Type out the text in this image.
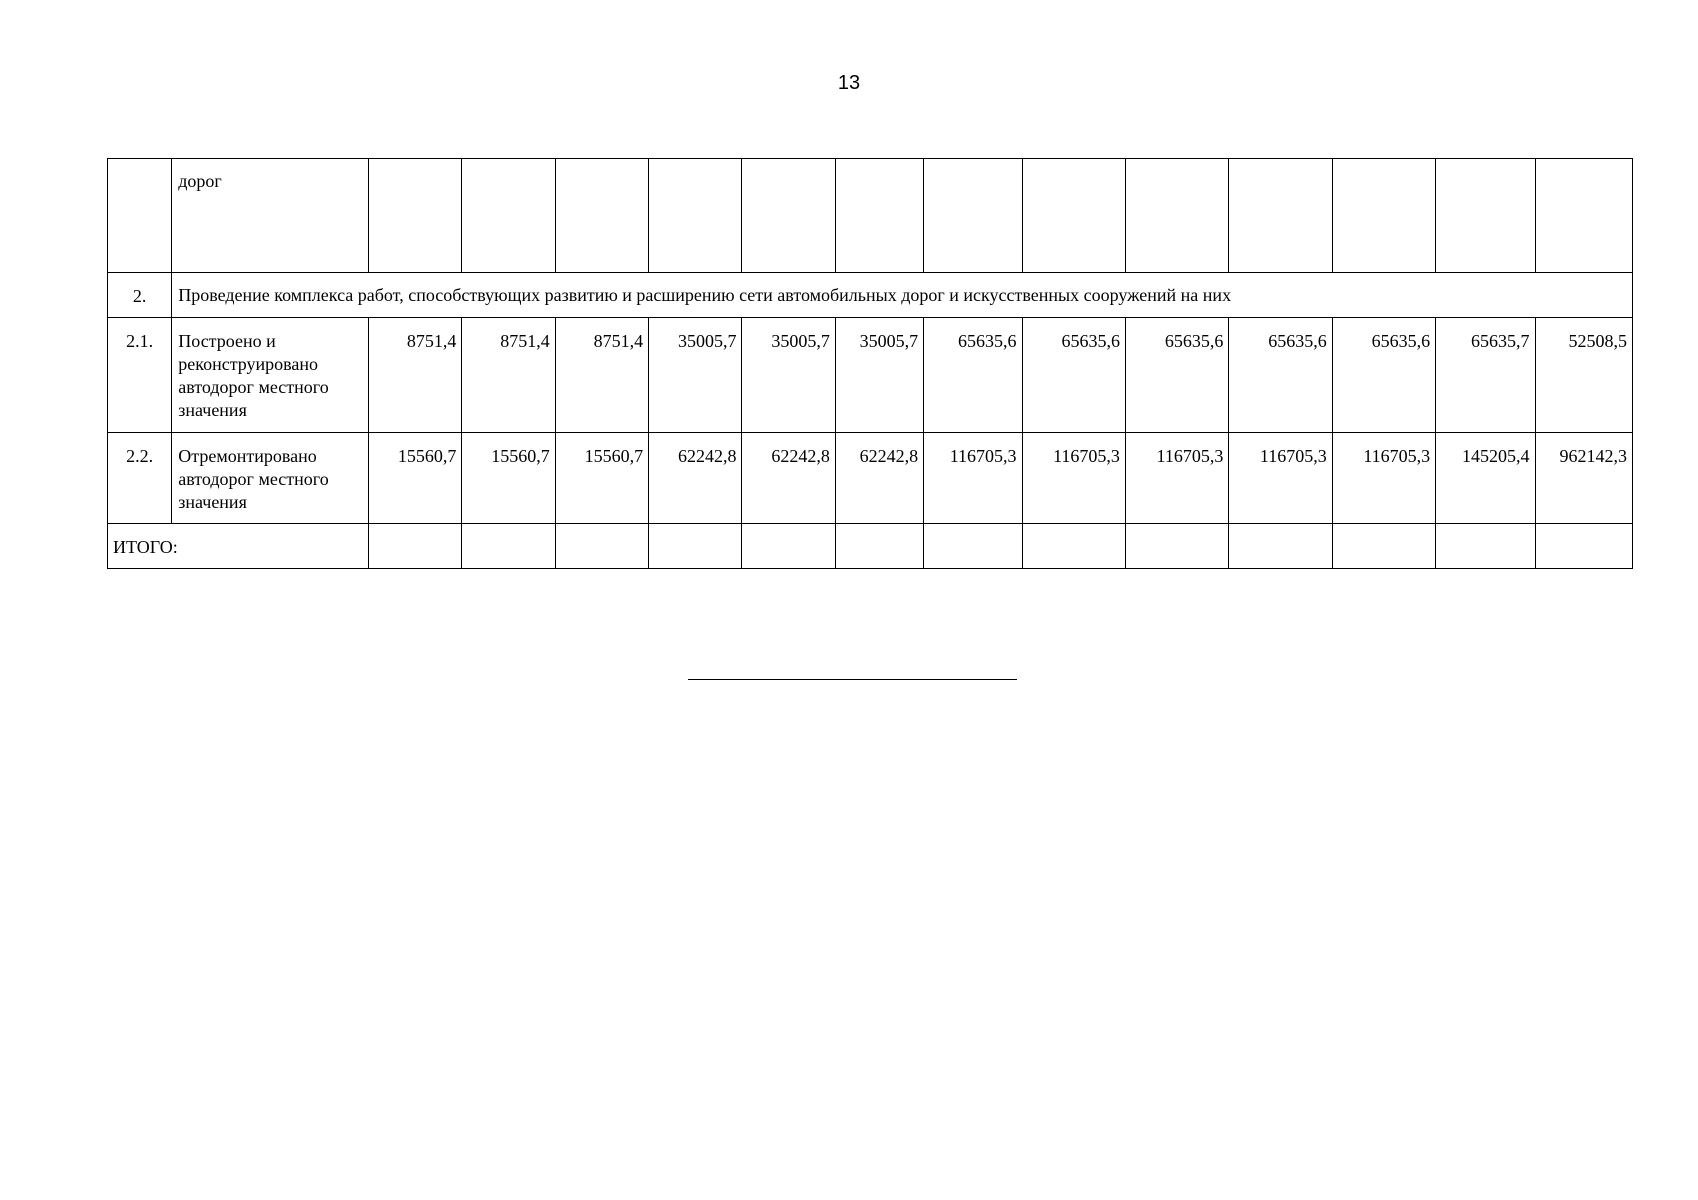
13
	дорог													
2.	Проведение комплекса работ, способствующих развитию и расширению сети автомобильных дорог и искусственных сооружений на них													
2.1.	Построено и реконструировано автодорог местного значения	8751,4	8751,4	8751,4	35005,7	35005,7	35005,7	65635,6	65635,6	65635,6	65635,6	65635,6	65635,7	52508,5
2.2.	Отремонтировано автодорог местного значения	15560,7	15560,7	15560,7	62242,8	62242,8	62242,8	116705,3	116705,3	116705,3	116705,3	116705,3	145205,4	962142,3
ИТОГО:														
